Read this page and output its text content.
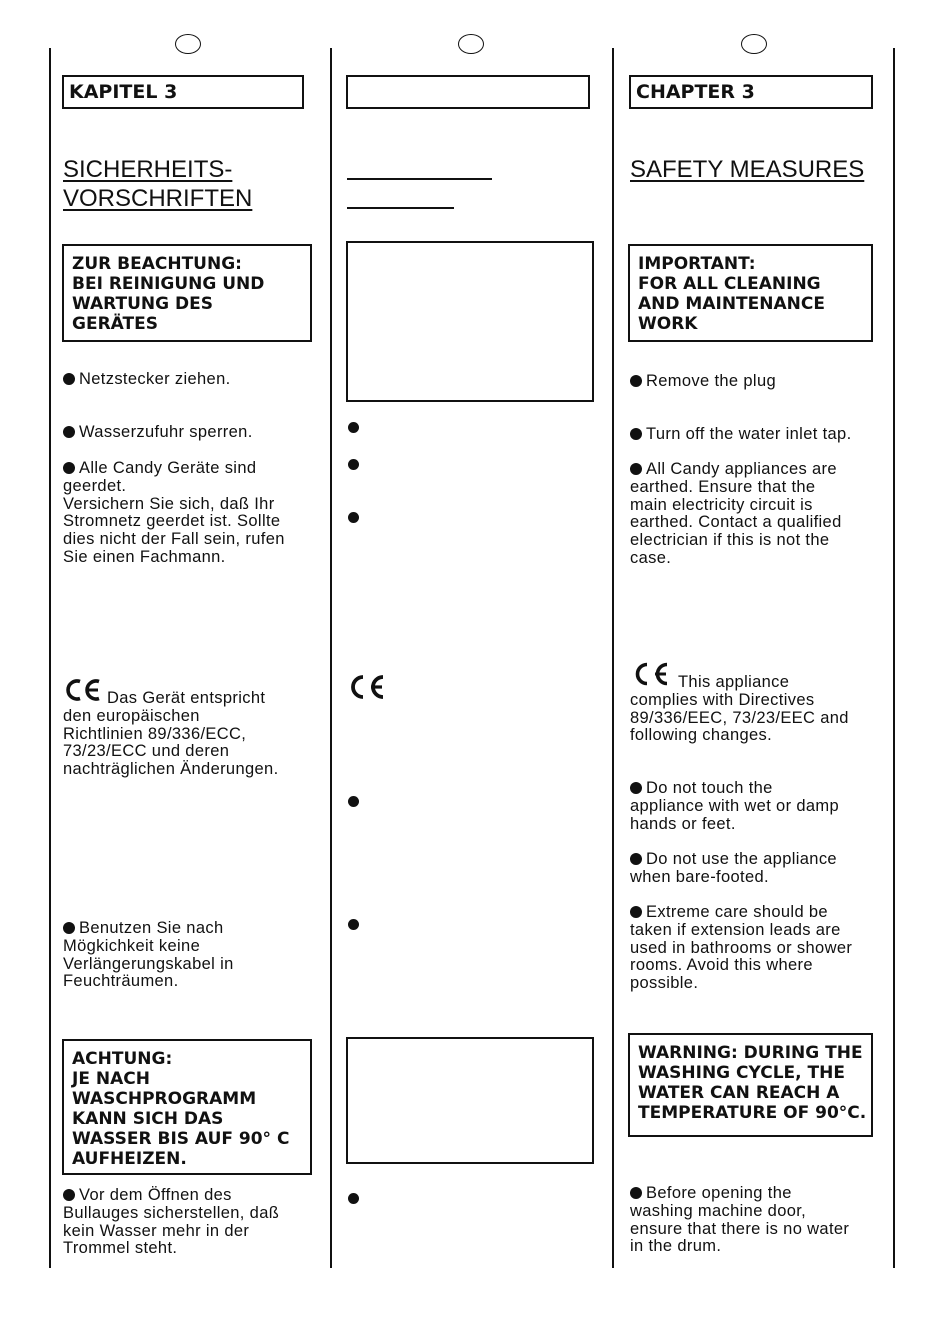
KAPITEL 3
SICHERHEITS-
VORSCHRIFTEN
ZUR BEACHTUNG:
BEI REINIGUNG UND
WARTUNG DES
GERÄTES
Netzstecker ziehen.
Wasserzufuhr sperren.
Alle Candy Geräte sind
geerdet.
Versichern Sie sich, daß Ihr
Stromnetz geerdet ist. Sollte
dies nicht der Fall sein, rufen
Sie einen Fachmann.
Das Gerät entspricht
den europäischen
Richtlinien 89/336/ECC,
73/23/ECC und deren
nachträglichen Änderungen.
Benutzen Sie nach
Mögkichkeit keine
Verlängerungskabel in
Feuchträumen.
ACHTUNG:
JE NACH
WASCHPROGRAMM
KANN SICH DAS
WASSER BIS AUF 90° C
AUFHEIZEN.
Vor dem Öffnen des
Bullauges sicherstellen, daß
kein Wasser mehr in der
Trommel steht.
CHAPTER 3
SAFETY MEASURES
IMPORTANT:
FOR ALL CLEANING
AND MAINTENANCE
WORK
Remove the plug
Turn off the water inlet tap.
All Candy appliances are
earthed. Ensure that the
main electricity circuit is
earthed. Contact a qualified
electrician if this is not the
case.
This appliance
complies with Directives
89/336/EEC, 73/23/EEC and
following changes.
Do not touch the
appliance with wet or damp
hands or feet.
Do not use the appliance
when bare-footed.
Extreme care should be
taken if extension leads are
used in bathrooms or shower
rooms. Avoid this where
possible.
WARNING: DURING THE
WASHING CYCLE, THE
WATER CAN REACH A
TEMPERATURE OF 90°C.
Before opening the
washing machine door,
ensure that there is no water
in the drum.
